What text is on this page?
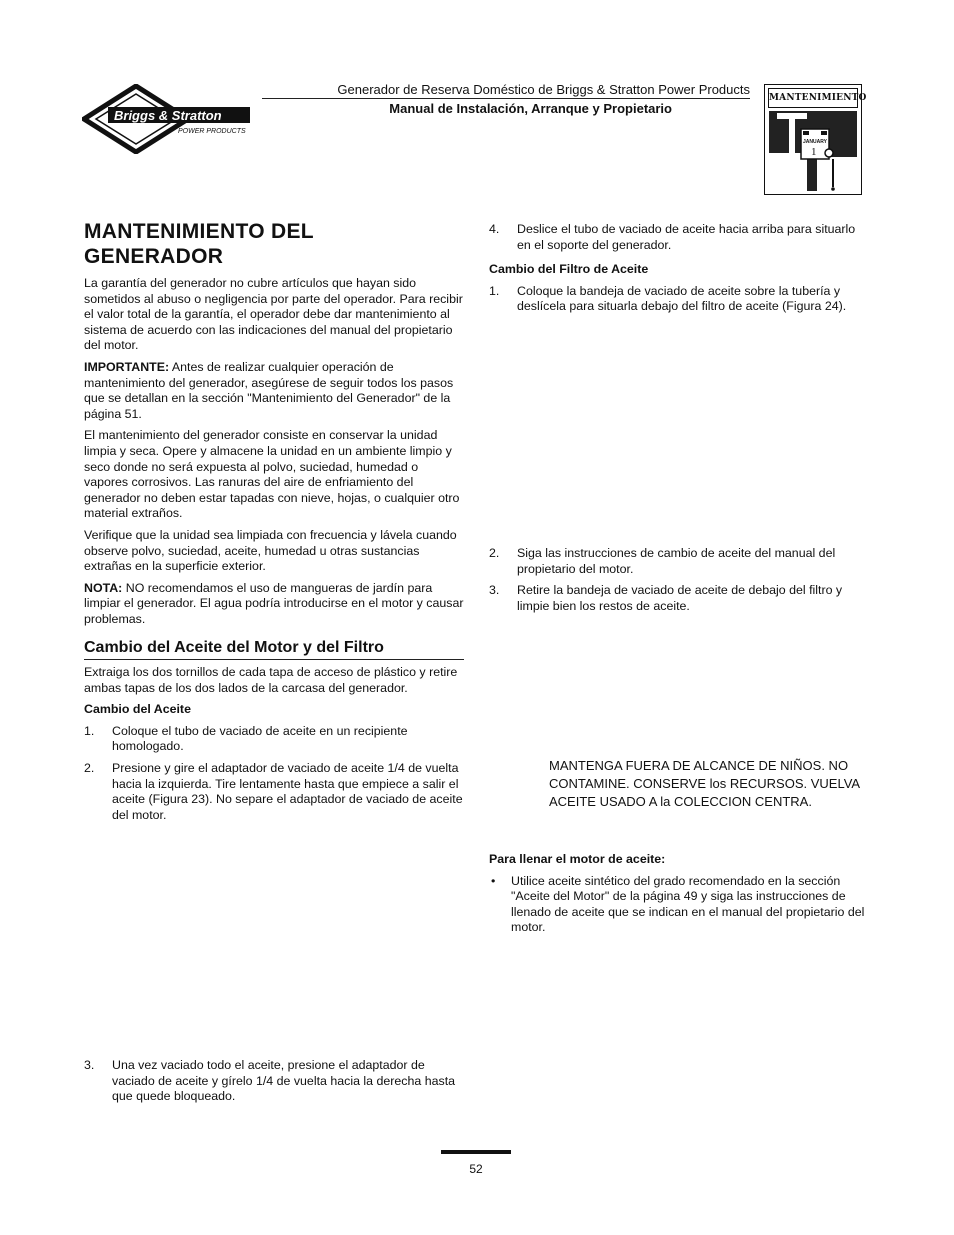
Briggs & Stratton
POWER PRODUCTS
Generador de Reserva Doméstico de Briggs & Stratton Power Products
Manual de Instalación, Arranque y Propietario
MANTENIMIENTO
JANUARY
1
MANTENIMIENTO DEL GENERADOR

La garantía del generador no cubre artículos que hayan sido sometidos al abuso o negligencia por parte del operador. Para recibir el valor total de la garantía, el operador debe dar mantenimiento al sistema de acuerdo con las indicaciones del manual del propietario del motor.

IMPORTANTE: Antes de realizar cualquier operación de mantenimiento del generador, asegúrese de seguir todos los pasos que se detallan en la sección "Mantenimiento del Generador" de la página 51.

El mantenimiento del generador consiste en conservar la unidad limpia y seca. Opere y almacene la unidad en un ambiente limpio y seco donde no será expuesta al polvo, suciedad, humedad o vapores corrosivos. Las ranuras del aire de enfriamiento del generador no deben estar tapadas con nieve, hojas, o cualquier otro material extraños.

Verifique que la unidad sea limpiada con frecuencia y lávela cuando observe polvo, suciedad, aceite, humedad u otras sustancias extrañas en la superficie exterior.

NOTA: NO recomendamos el uso de mangueras de jardín para limpiar el generador. El agua podría introducirse en el motor y causar problemas.

Cambio del Aceite del Motor y del Filtro

Extraiga los dos tornillos de cada tapa de acceso de plástico y retire ambas tapas de los dos lados de la carcasa del generador.

Cambio del Aceite

1. Coloque el tubo de vaciado de aceite en un recipiente homologado.
2. Presione y gire el adaptador de vaciado de aceite 1/4 de vuelta hacia la izquierda. Tire lentamente hasta que empiece a salir el aceite (Figura 23). No separe el adaptador de vaciado de aceite del motor.
3. Una vez vaciado todo el aceite, presione el adaptador de vaciado de aceite y gírelo 1/4 de vuelta hacia la derecha hasta que quede bloqueado.
4. Deslice el tubo de vaciado de aceite hacia arriba para situarlo en el soporte del generador.

Cambio del Filtro de Aceite

1. Coloque la bandeja de vaciado de aceite sobre la tubería y deslícela para situarla debajo del filtro de aceite (Figura 24).
2. Siga las instrucciones de cambio de aceite del manual del propietario del motor.
3. Retire la bandeja de vaciado de aceite de debajo del filtro y limpie bien los restos de aceite.
MANTENGA FUERA DE ALCANCE DE NIÑOS. NO CONTAMINE. CONSERVE los RECURSOS. VUELVA ACEITE USADO A la COLECCION CENTRA.

Para llenar el motor de aceite:

• Utilice aceite sintético del grado recomendado en la sección "Aceite del Motor" de la página 49 y siga las instrucciones de llenado de aceite que se indican en el manual del propietario del motor.
52
